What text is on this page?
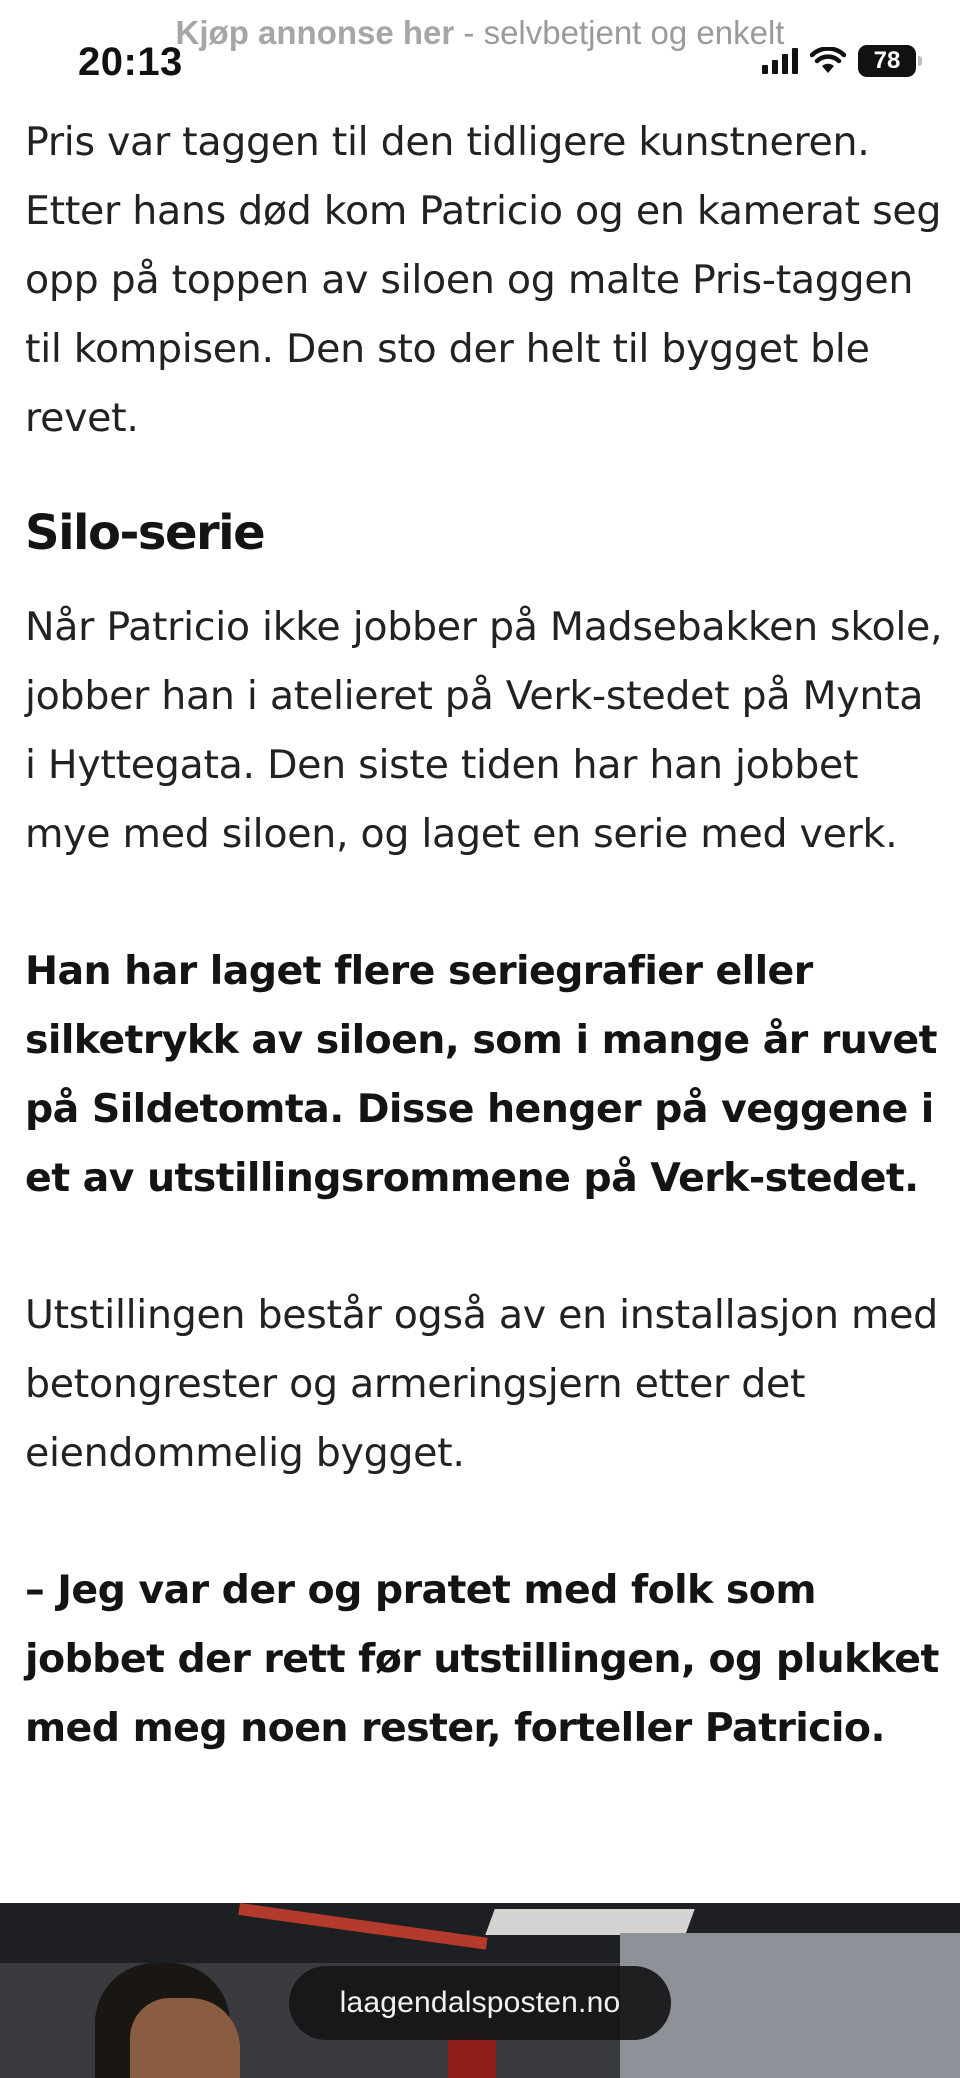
Kjøp annonse her - selvbetjent og enkelt
20:13	78

Pris var taggen til den tidligere kunstneren. Etter hans død kom Patricio og en kamerat seg opp på toppen av siloen og malte Pris-taggen til kompisen. Den sto der helt til bygget ble revet.

Silo-serie

Når Patricio ikke jobber på Madsebakken skole, jobber han i atelieret på Verk-stedet på Mynta i Hyttegata. Den siste tiden har han jobbet mye med siloen, og laget en serie med verk.

Han har laget flere seriegrafier eller silketrykk av siloen, som i mange år ruvet på Sildetomta. Disse henger på veggene i et av utstillingsrommene på Verk-stedet.

Utstillingen består også av en installasjon med betongrester og armeringsjern etter det eiendommelig bygget.

– Jeg var der og pratet med folk som jobbet der rett før utstillingen, og plukket med meg noen rester, forteller Patricio.

laagendalsposten.no
